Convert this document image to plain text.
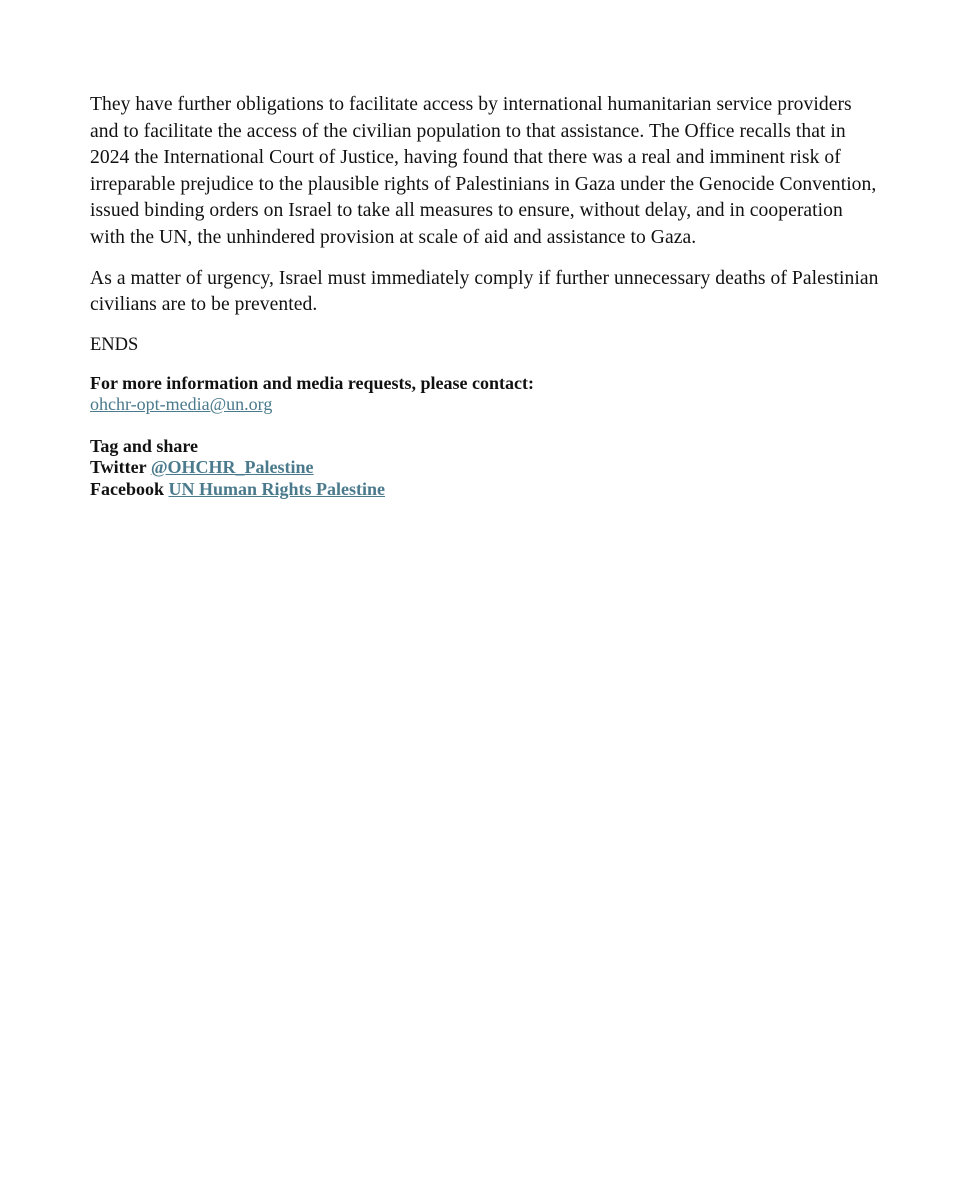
They have further obligations to facilitate access by international humanitarian service providers and to facilitate the access of the civilian population to that assistance. The Office recalls that in 2024 the International Court of Justice, having found that there was a real and imminent risk of irreparable prejudice to the plausible rights of Palestinians in Gaza under the Genocide Convention, issued binding orders on Israel to take all measures to ensure, without delay, and in cooperation with the UN, the unhindered provision at scale of aid and assistance to Gaza.

As a matter of urgency, Israel must immediately comply if further unnecessary deaths of Palestinian civilians are to be prevented.

ENDS

For more information and media requests, please contact:
ohchr-opt-media@un.org
Tag and share
Twitter @OHCHR_Palestine
Facebook UN Human Rights Palestine
